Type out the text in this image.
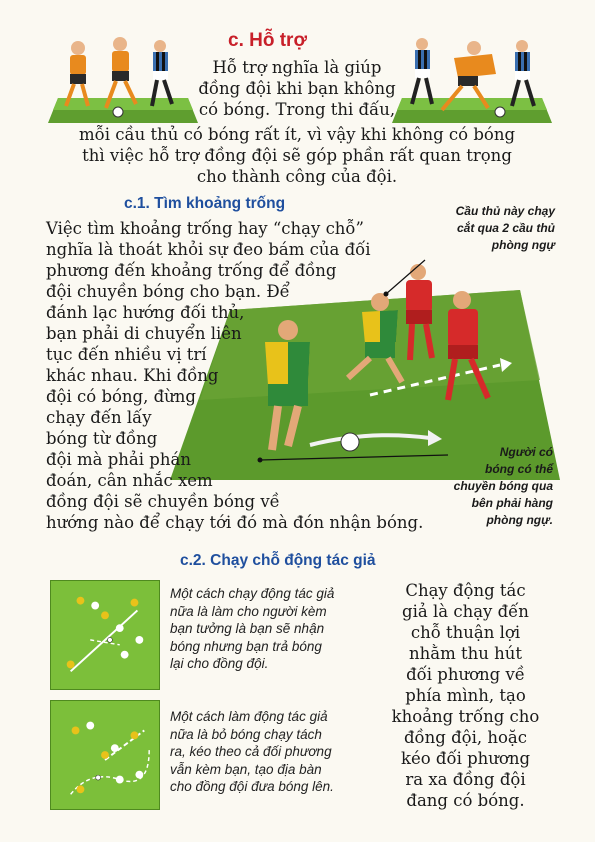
c. Hỗ trợ
Hỗ trợ nghĩa là giúp
đồng đội khi bạn không
có bóng. Trong thi đấu,
mỗi cầu thủ có bóng rất ít, vì vậy khi không có bóng
thì việc hỗ trợ đồng đội sẽ góp phần rất quan trọng
cho thành công của đội.
c.1. Tìm khoảng trống	Cầu thủ này chạy
cắt qua 2 cầu thủ
phòng ngự
Người có
bóng có thể
chuyền bóng qua
bên phải hàng
phòng ngự.
Việc tìm khoảng trống hay “chạy chỗ”
nghĩa là thoát khỏi sự đeo bám của đối
phương đến khoảng trống để đồng
đội chuyền bóng cho bạn. Để
đánh lạc hướng đối thủ,
bạn phải di chuyển liên
tục đến nhiều vị trí
khác nhau. Khi đồng
đội có bóng, đừng
chạy đến lấy
bóng từ đồng
đội mà phải phán
đoán, cân nhắc xem
đồng đội sẽ chuyền bóng về
hướng nào để chạy tới đó mà đón nhận bóng.
c.2. Chạy chỗ động tác giả
Một cách chạy động tác giả
nữa là làm cho người kèm
bạn tưởng là bạn sẽ nhận
bóng nhưng bạn trả bóng
lại cho đồng đội.
Một cách làm động tác giả
nữa là bỏ bóng chạy tách
ra, kéo theo cả đối phương
vẫn kèm bạn, tạo địa bàn
cho đồng đội đưa bóng lên.
Chạy động tác
giả là chạy đến
chỗ thuận lợi
nhằm thu hút
đối phương về
phía mình, tạo
khoảng trống cho
đồng đội, hoặc
kéo đối phương
ra xa đồng đội
đang có bóng.
